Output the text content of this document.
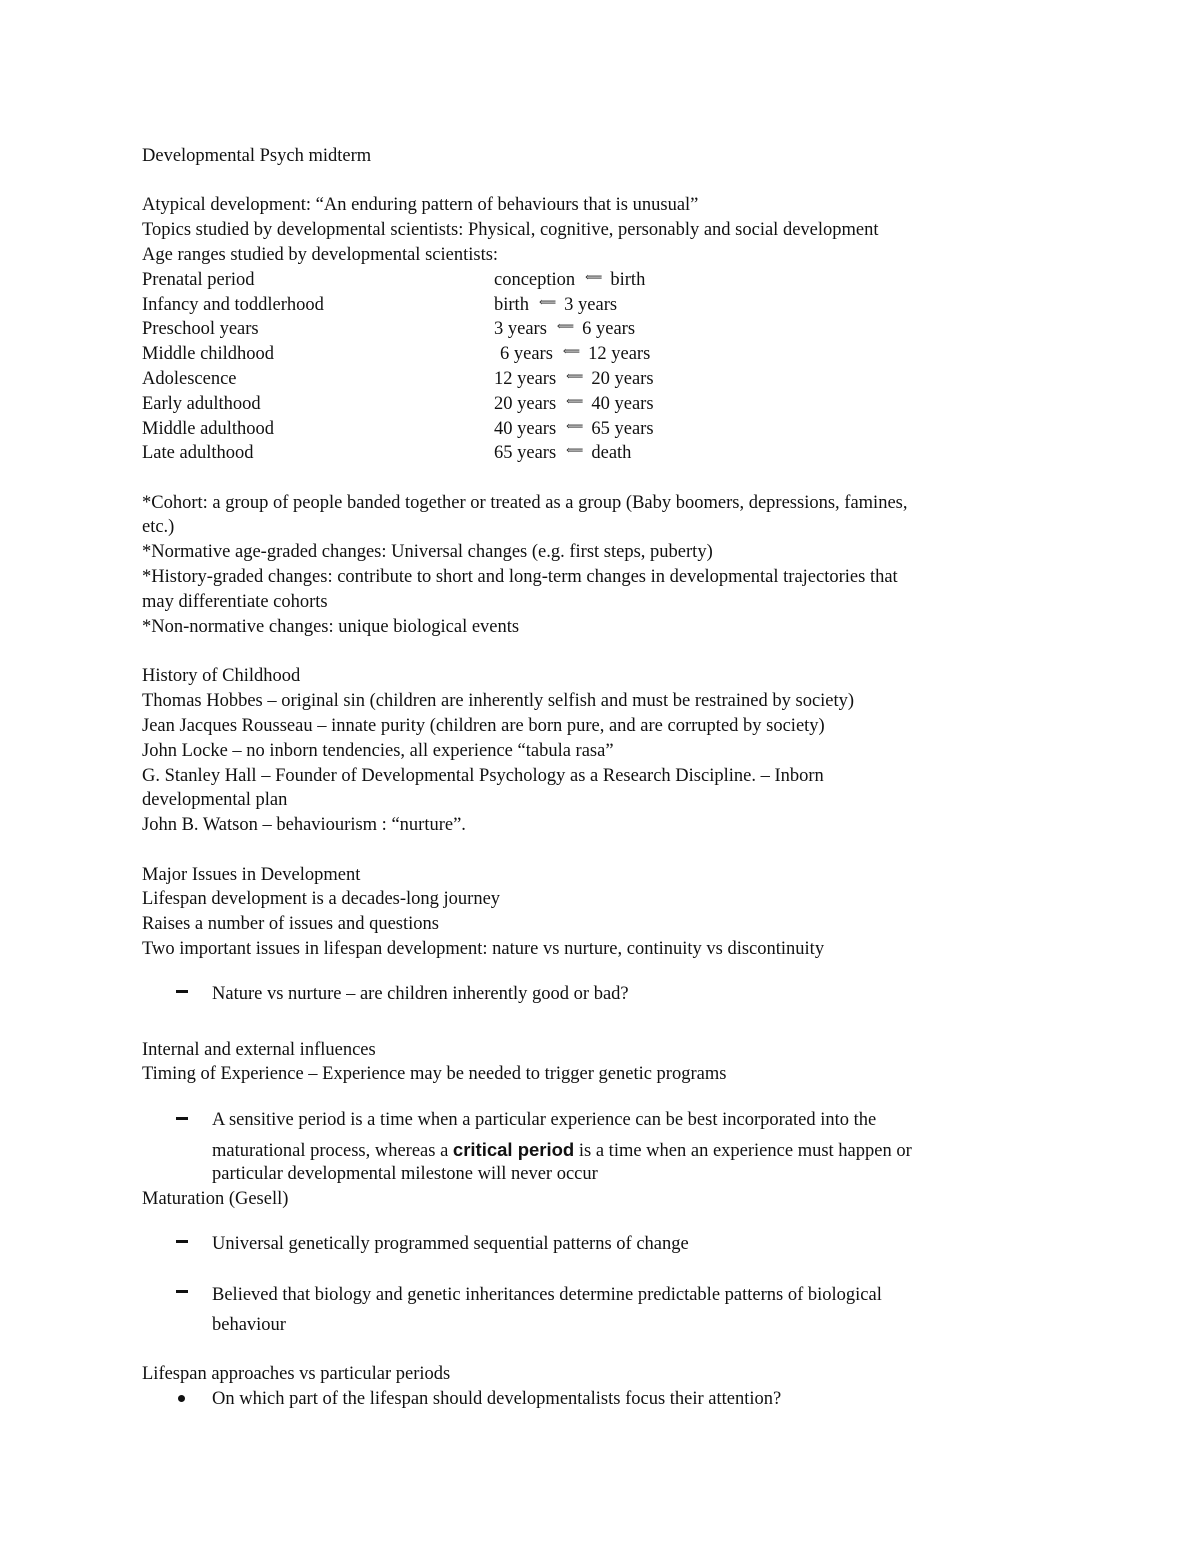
Developmental Psych midterm
Atypical development: “An enduring pattern of behaviours that is unusual”
Topics studied by developmental scientists: Physical, cognitive, personably and social development
Age ranges studied by developmental scientists:
Prenatal period	conception ⟸ birth
Infancy and toddlerhood	birth ⟸ 3 years
Preschool years	3 years ⟸ 6 years
Middle childhood	6 years ⟸ 12 years
Adolescence	12 years ⟸ 20 years
Early adulthood	20 years ⟸ 40 years
Middle adulthood	40 years ⟸ 65 years
Late adulthood	65 years ⟸ death
*Cohort: a group of people banded together or treated as a group (Baby boomers, depressions, famines,
etc.)
*Normative age-graded changes: Universal changes (e.g. first steps, puberty)
*History-graded changes: contribute to short and long-term changes in developmental trajectories that
may differentiate cohorts
*Non-normative changes: unique biological events
History of Childhood
Thomas Hobbes – original sin (children are inherently selfish and must be restrained by society)
Jean Jacques Rousseau – innate purity (children are born pure, and are corrupted by society)
John Locke – no inborn tendencies, all experience “tabula rasa”
G. Stanley Hall – Founder of Developmental Psychology as a Research Discipline. – Inborn
developmental plan
John B. Watson – behaviourism : “nurture”.
Major Issues in Development
Lifespan development is a decades-long journey
Raises a number of issues and questions
Two important issues in lifespan development: nature vs nurture, continuity vs discontinuity
Nature vs nurture – are children inherently good or bad?
Internal and external influences
Timing of Experience – Experience may be needed to trigger genetic programs
A sensitive period is a time when a particular experience can be best incorporated into the
maturational process, whereas a critical period is a time when an experience must happen or
particular developmental milestone will never occur
Maturation (Gesell)
Universal genetically programmed sequential patterns of change
Believed that biology and genetic inheritances determine predictable patterns of biological
behaviour
Lifespan approaches vs particular periods
On which part of the lifespan should developmentalists focus their attention?
